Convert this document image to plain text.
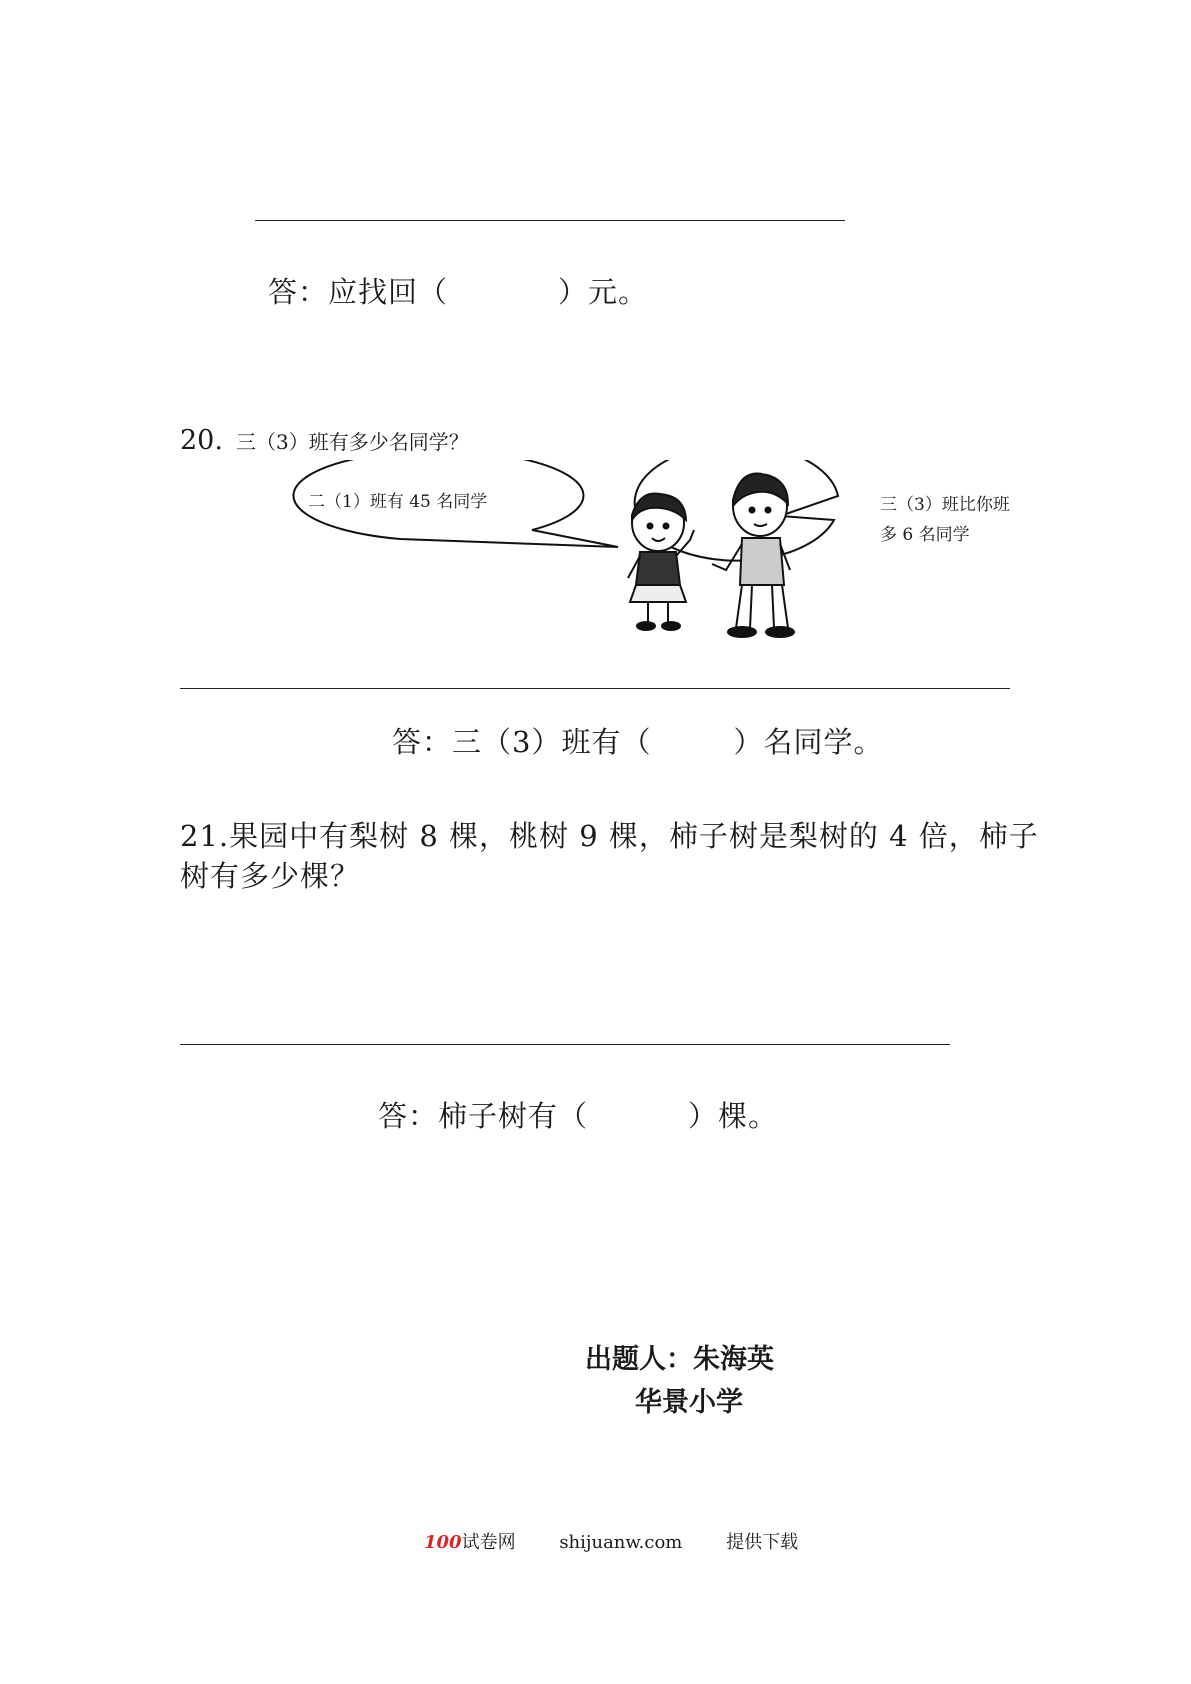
答：应找回（	）元。
20. 三（3）班有多少名同学？
二（1）班有 45 名同学	三（3）班比你班
多 6 名同学
答：三（3）班有（	）名同学。
21.果园中有梨树 8 棵，桃树 9 棵，柿子树是梨树的 4 倍，柿子
树有多少棵？
答：柿子树有（	）棵。
出题人：朱海英
华景小学
100试卷网 shijuanw.com 提供下载
